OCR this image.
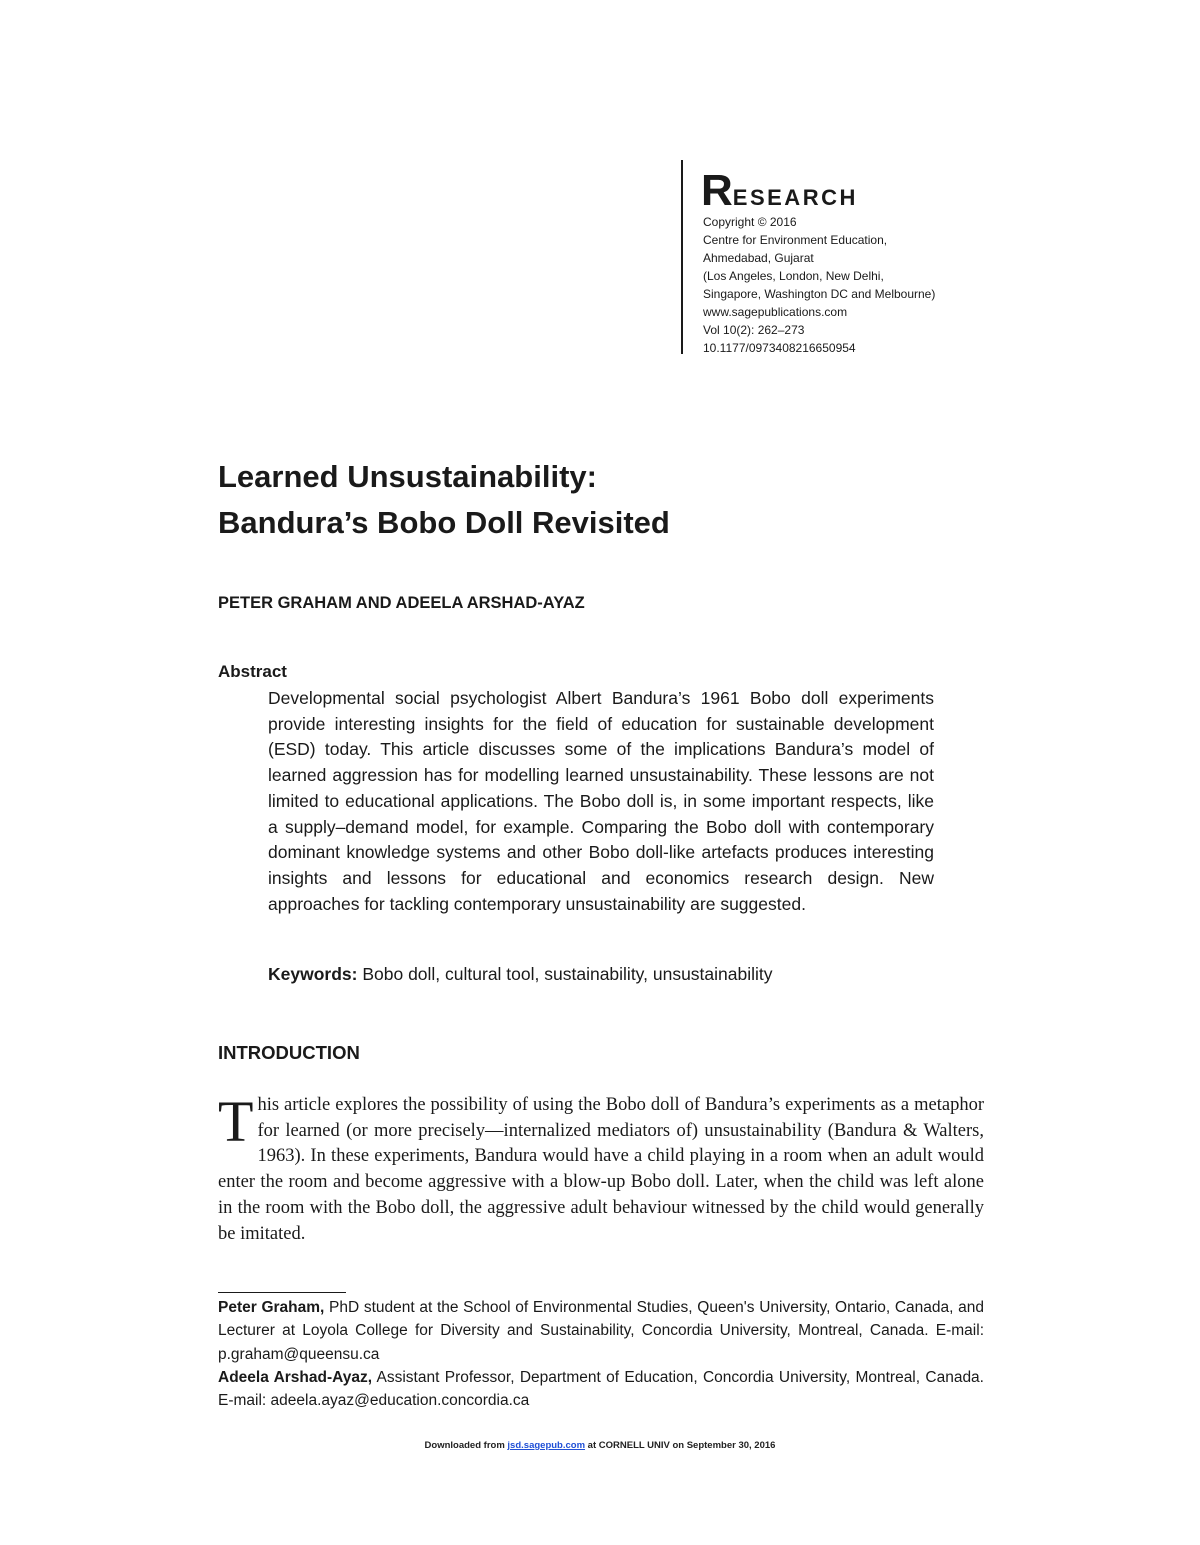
RESEARCH
Copyright © 2016
Centre for Environment Education,
Ahmedabad, Gujarat
(Los Angeles, London, New Delhi,
Singapore, Washington DC and Melbourne)
www.sagepublications.com
Vol 10(2): 262–273
10.1177/0973408216650954
Learned Unsustainability:
Bandura’s Bobo Doll Revisited
PETER GRAHAM AND ADEELA ARSHAD-AYAZ
Abstract
Developmental social psychologist Albert Bandura’s 1961 Bobo doll experiments provide interesting insights for the field of education for sustainable development (ESD) today. This article discusses some of the implications Bandura’s model of learned aggression has for modelling learned unsustainability. These lessons are not limited to educational applications. The Bobo doll is, in some important respects, like a supply–demand model, for example. Comparing the Bobo doll with contemporary dominant knowledge systems and other Bobo doll-like artefacts produces interesting insights and lessons for educational and economics research design. New approaches for tackling contemporary unsustainability are suggested.
Keywords: Bobo doll, cultural tool, sustainability, unsustainability
INTRODUCTION
This article explores the possibility of using the Bobo doll of Bandura’s experiments as a metaphor for learned (or more precisely—internalized mediators of) unsustainability (Bandura & Walters, 1963). In these experiments, Bandura would have a child playing in a room when an adult would enter the room and become aggressive with a blow-up Bobo doll. Later, when the child was left alone in the room with the Bobo doll, the aggressive adult behaviour witnessed by the child would generally be imitated.

Peter Graham, PhD student at the School of Environmental Studies, Queen's University, Ontario, Canada, and Lecturer at Loyola College for Diversity and Sustainability, Concordia University, Montreal, Canada. E-mail: p.graham@queensu.ca

Adeela Arshad-Ayaz, Assistant Professor, Department of Education, Concordia University, Montreal, Canada. E-mail: adeela.ayaz@education.concordia.ca

Downloaded from jsd.sagepub.com at CORNELL UNIV on September 30, 2016
